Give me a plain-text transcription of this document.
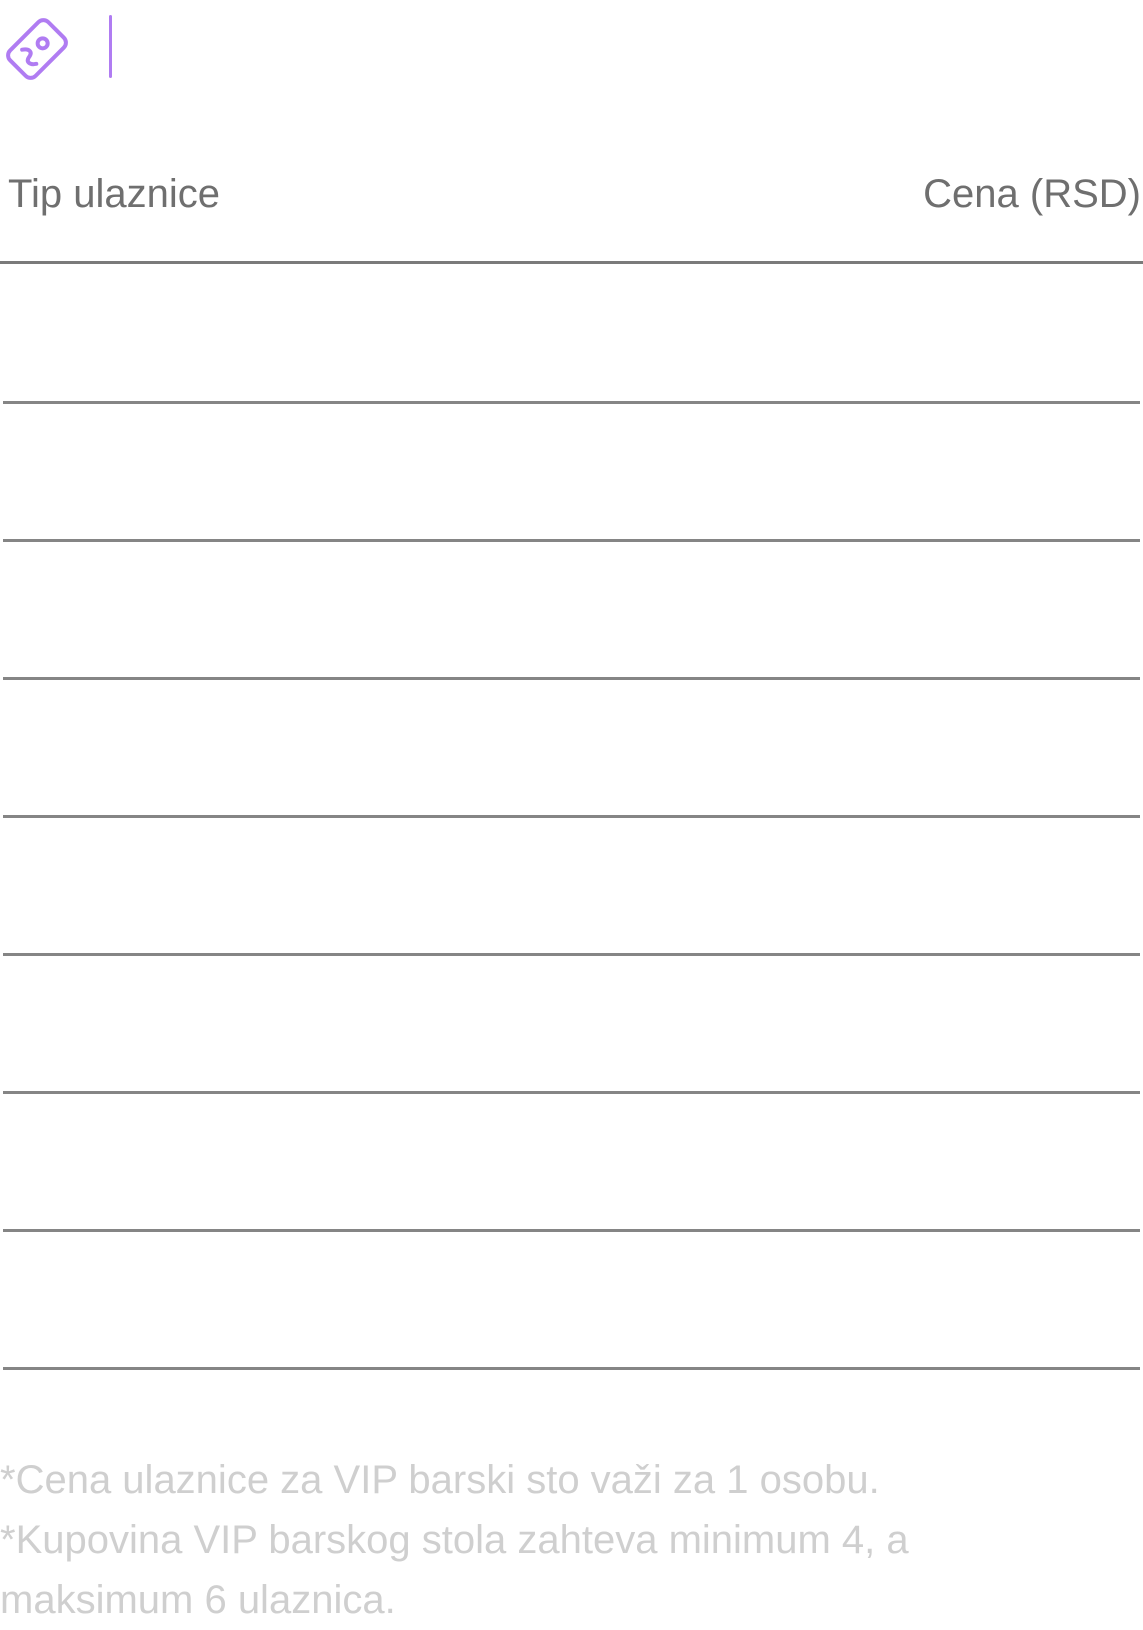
Tip ulaznice	Cena (RSD)
*Cena ulaznice za VIP barski sto važi za 1 osobu.
*Kupovina VIP barskog stola zahteva minimum 4, a
maksimum 6 ulaznica.
